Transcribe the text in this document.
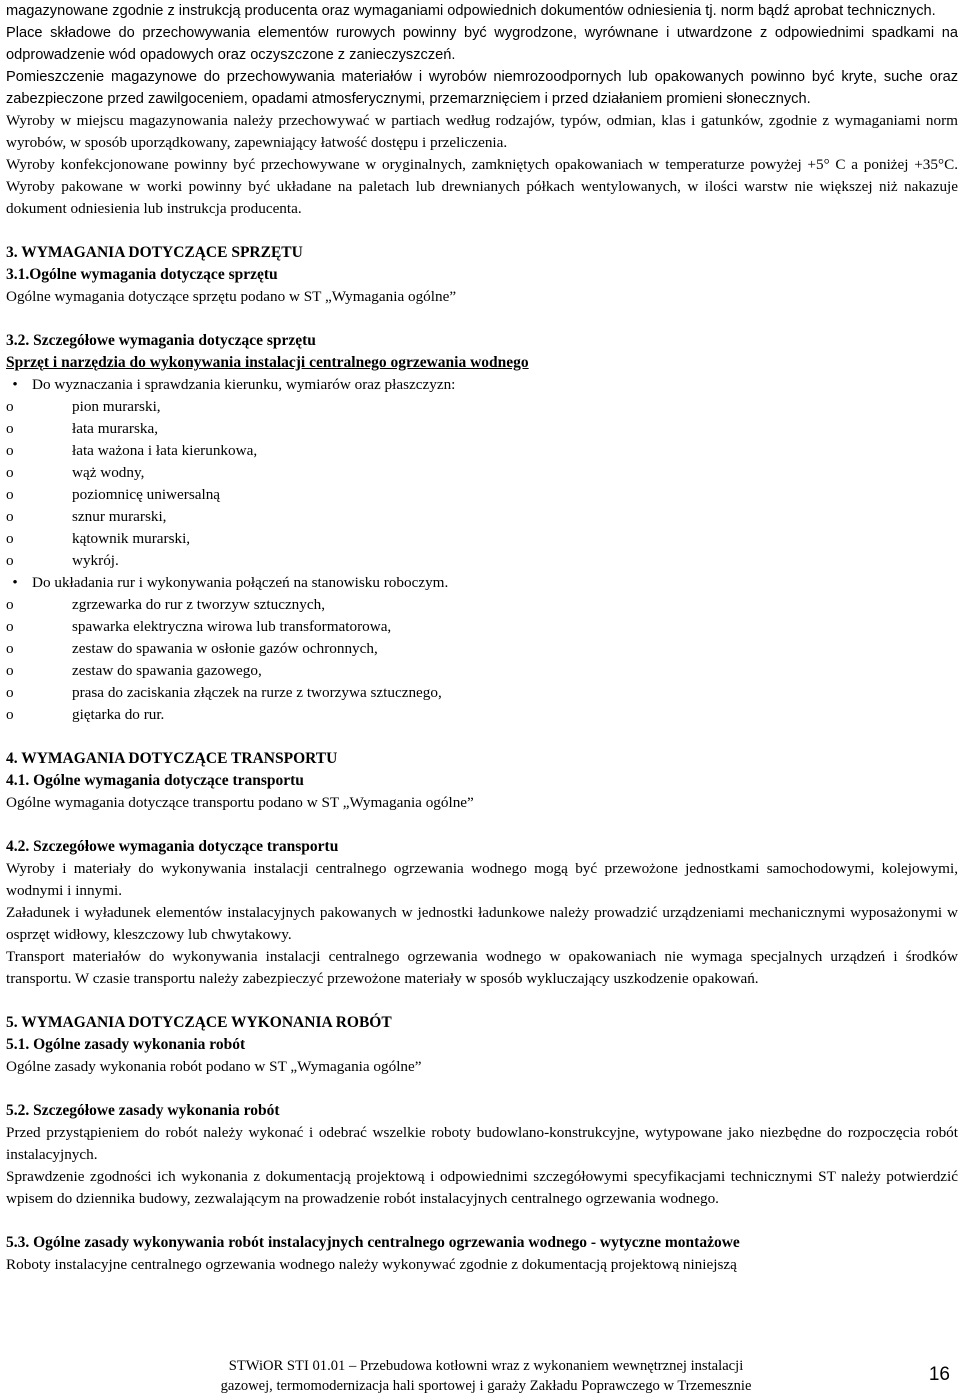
magazynowane zgodnie z instrukcją producenta oraz wymaganiami odpowiednich dokumentów odniesienia tj. norm bądź aprobat technicznych.

Place składowe do przechowywania elementów rurowych powinny być wygrodzone, wyrównane i utwardzone z odpowiednimi spadkami na odprowadzenie wód opadowych oraz oczyszczone z zanieczyszczeń.

Pomieszczenie magazynowe do przechowywania materiałów i wyrobów niemrozoodpornych lub opakowanych powinno być kryte, suche oraz zabezpieczone przed zawilgoceniem, opadami atmosferycznymi, przemarznięciem i przed działaniem promieni słonecznych.

Wyroby w miejscu magazynowania należy przechowywać w partiach według rodzajów, typów, odmian, klas i gatunków, zgodnie z wymaganiami norm wyrobów, w sposób uporządkowany, zapewniający łatwość dostępu i przeliczenia.

Wyroby konfekcjonowane powinny być przechowywane w oryginalnych, zamkniętych opakowaniach w temperaturze powyżej +5° C a poniżej +35°C. Wyroby pakowane w worki powinny być układane na paletach lub drewnianych półkach wentylowanych, w ilości warstw nie większej niż nakazuje dokument odniesienia lub instrukcja producenta.

3. WYMAGANIA DOTYCZĄCE SPRZĘTU

3.1.Ogólne wymagania dotyczące sprzętu

Ogólne wymagania dotyczące sprzętu podano w ST „Wymagania ogólne”

3.2. Szczegółowe wymagania dotyczące sprzętu

Sprzęt i narzędzia do wykonywania instalacji centralnego ogrzewania wodnego

• Do wyznaczania i sprawdzania kierunku, wymiarów oraz płaszczyzn:
o	pion murarski,
o	łata murarska,
o	łata ważona i łata kierunkowa,
o	wąż wodny,
o	poziomnicę uniwersalną
o	sznur murarski,
o	kątownik murarski,
o	wykrój.
• Do układania rur i wykonywania połączeń na stanowisku roboczym.
o	zgrzewarka do rur z tworzyw sztucznych,
o	spawarka elektryczna wirowa lub transformatorowa,
o	zestaw do spawania w osłonie gazów ochronnych,
o	zestaw do spawania gazowego,
o	prasa do zaciskania złączek na rurze z tworzywa sztucznego,
o	giętarka do rur.

4. WYMAGANIA DOTYCZĄCE TRANSPORTU

4.1. Ogólne wymagania dotyczące transportu

Ogólne wymagania dotyczące transportu podano w ST „Wymagania ogólne”

4.2. Szczegółowe wymagania dotyczące transportu

Wyroby i materiały do wykonywania instalacji centralnego ogrzewania wodnego mogą być przewożone jednostkami samochodowymi, kolejowymi, wodnymi i innymi.

Załadunek i wyładunek elementów instalacyjnych pakowanych w jednostki ładunkowe należy prowadzić urządzeniami mechanicznymi wyposażonymi w osprzęt widłowy, kleszczowy lub chwytakowy.

Transport materiałów do wykonywania instalacji centralnego ogrzewania wodnego w opakowaniach nie wymaga specjalnych urządzeń i środków transportu. W czasie transportu należy zabezpieczyć przewożone materiały w sposób wykluczający uszkodzenie opakowań.

5. WYMAGANIA DOTYCZĄCE WYKONANIA ROBÓT

5.1. Ogólne zasady wykonania robót

Ogólne zasady wykonania robót podano w ST „Wymagania ogólne”

5.2. Szczegółowe zasady wykonania robót

Przed przystąpieniem do robót należy wykonać i odebrać wszelkie roboty budowlano-konstrukcyjne, wytypowane jako niezbędne do rozpoczęcia robót instalacyjnych.

Sprawdzenie zgodności ich wykonania z dokumentacją projektową i odpowiednimi szczegółowymi specyfikacjami technicznymi ST należy potwierdzić wpisem do dziennika budowy, zezwalającym na prowadzenie robót instalacyjnych centralnego ogrzewania wodnego.

5.3. Ogólne zasady wykonywania robót instalacyjnych centralnego ogrzewania wodnego - wytyczne montażowe

Roboty instalacyjne centralnego ogrzewania wodnego należy wykonywać zgodnie z dokumentacją projektową niniejszą

STWiOR STI 01.01 – Przebudowa kotłowni wraz z wykonaniem wewnętrznej instalacji

gazowej, termomodernizacja hali sportowej i garaży Zakładu Poprawczego w Trzemesznie

16
